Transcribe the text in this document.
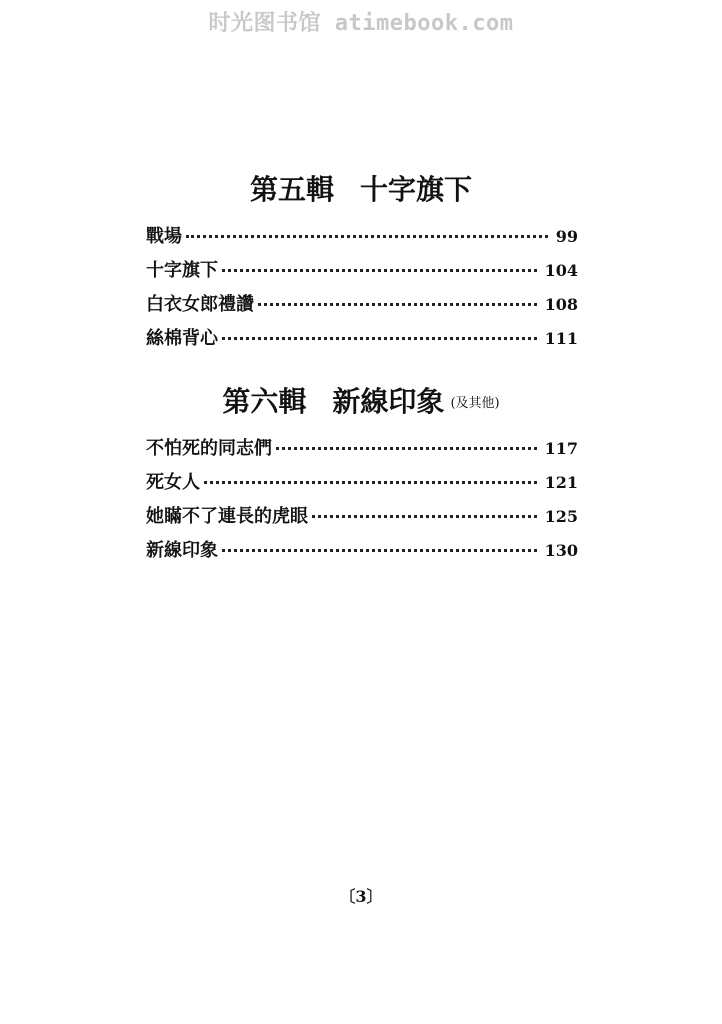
时光图书馆 atimebook.com
第五輯 十字旗下
戰場	99
十字旗下	104
白衣女郎禮讚	108
絲棉背心	111
第六輯 新線印象 (及其他)
不怕死的同志們	117
死女人	121
她瞞不了連長的虎眼	125
新線印象	130
〔3〕
